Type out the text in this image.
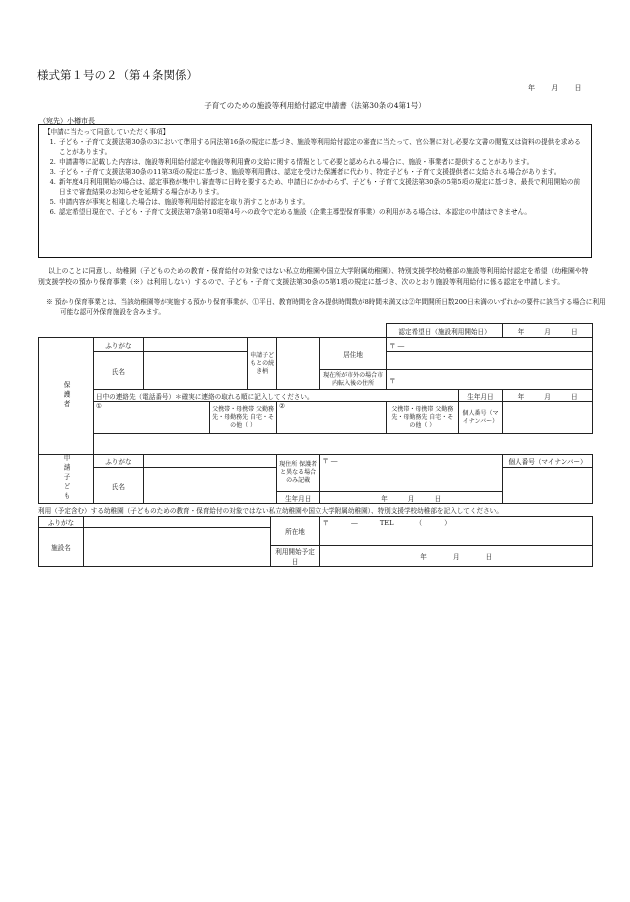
様式第１号の２（第４条関係）
年 月 日
子育てのための施設等利用給付認定申請書（法第30条の4第1号）
（宛先）小樽市長
【申請に当たって同意していただく事項】
1. 子ども・子育て支援法第30条の3において準用する同法第16条の規定に基づき、施設等利用給付認定の審査に当たって、官公署に対し必要な文書の閲覧又は資料の提供を求めることがあります。
2. 申請書等に記載した内容は、施設等利用給付認定や施設等利用費の支給に関する情報として必要と認められる場合に、施設・事業者に提供することがあります。
3. 子ども・子育て支援法第30条の11第3項の規定に基づき、施設等利用費は、認定を受けた保護者に代わり、特定子ども・子育て支援提供者に支給される場合があります。
4. 新年度4月利用開始の場合は、認定事務が集中し審査等に日時を要するため、申請日にかかわらず、子ども・子育て支援法第30条の5第5項の規定に基づき、最長で利用開始の前日まで審査結果のお知らせを延期する場合があります。
5. 申請内容が事実と相違した場合は、施設等利用給付認定を取り消すことがあります。
6. 認定希望日現在で、子ども・子育て支援法第7条第10項第4号ハの政令で定める施設（企業主導型保育事業）の利用がある場合は、本認定の申請はできません。
以上のことに同意し、幼稚園（子どものための教育・保育給付の対象ではない私立幼稚園や国立大学附属幼稚園）、特別支援学校幼稚部の施設等利用給付認定を希望（幼稚園や特別支援学校の預かり保育事業（※）は利用しない）するので、子ども・子育て支援法第30条の5第1項の規定に基づき、次のとおり施設等利用給付に係る認定を申請します。
※ 預かり保育事業とは、当該幼稚園等が実施する預かり保育事業が、①平日、教育時間を含み提供時間数が8時間未満又は②年間開所日数200日未満のいずれかの要件に該当する場合に利用可能な認可外保育施設を含みます。
							認定希望日（施設利用開始日）		年 月 日
保護者	ふりがな			申請子どもとの続き柄		居住地	〒 ―		
	氏名								
						現在所が市外の場合市内転入後の住所	〒		
	日中の連絡先（電話番号）＊確実に連絡の取れる順に記入してください。							生年月日	年 月 日
	①		父携帯・母携帯 父勤務先・母勤務先 自宅・その他（ ）		②		父携帯・母携帯 父勤務先・母勤務先 自宅・その他（ ）	個人番号（マイナンバー）	

申請子ども	ふりがな				現住所 保護者と異なる場合のみ記載	〒 ―			個人番号（マイナンバー）
	氏名								
					生年月日	年 月 日			
利用（予定含む）する幼稚園（子どものための教育・保育給付の対象ではない私立幼稚園や国立大学附属幼稚園）、特別支援学校幼稚部を記入してください。
ふりがな		所在地	〒 ― TEL （ ）
施設名			
		利用開始予定日	年 月 日
